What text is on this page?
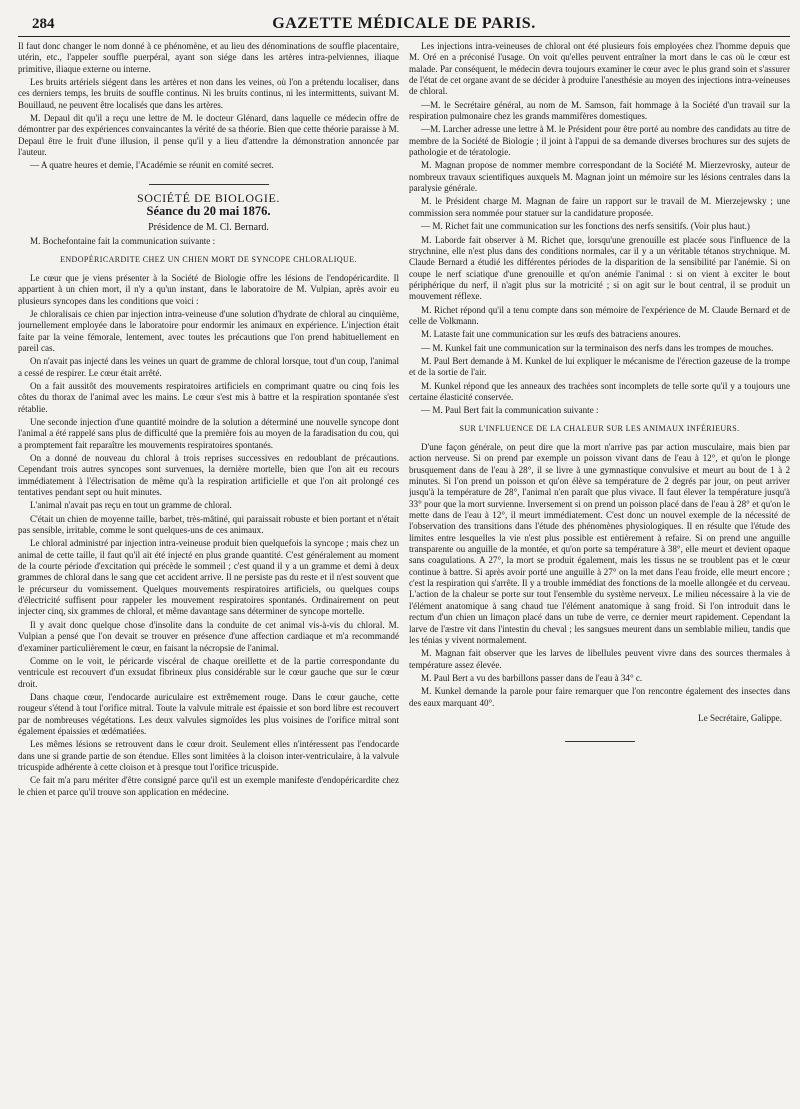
284	GAZETTE MÉDICALE DE PARIS.

Il faut donc changer le nom donné à ce phénomène, et au lieu des dénominations de souffle placentaire, utérin, etc., l'appeler souffle puerpéral, ayant son siége dans les artères intra-pelviennes, iliaque primitive, iliaque externe ou interne.

Les bruits artériels siégent dans les artères et non dans les veines, où l'on a prétendu localiser, dans ces derniers temps, les bruits de souffle continus. Ni les bruits continus, ni les intermittents, suivant M. Bouillaud, ne peuvent être localisés que dans les artères.

M. Depaul dit qu'il a reçu une lettre de M. le docteur Glénard, dans laquelle ce médecin offre de démontrer par des expériences convaincantes la vérité de sa théorie. Bien que cette théorie paraisse à M. Depaul être le fruit d'une illusion, il pense qu'il y a lieu d'attendre la démonstration annoncée par l'auteur.

— A quatre heures et demie, l'Académie se réunit en comité secret.

SOCIÉTÉ DE BIOLOGIE.
Séance du 20 mai 1876.
Présidence de M. Cl. Bernard.

M. Bochefontaine fait la communication suivante :

ENDOPÉRICARDITE CHEZ UN CHIEN MORT DE SYNCOPE CHLORALIQUE.

Le cœur que je viens présenter à la Société de Biologie offre les lésions de l'endopéricardite. Il appartient à un chien mort, il n'y a qu'un instant, dans le laboratoire de M. Vulpian, après avoir eu plusieurs syncopes dans les conditions que voici :

Je chloralisais ce chien par injection intra-veineuse d'une solution d'hydrate de chloral au cinquième, journellement employée dans le laboratoire pour endormir les animaux en expérience. L'injection était faite par la veine fémorale, lentement, avec toutes les précautions que l'on prend habituellement en pareil cas.

On n'avait pas injecté dans les veines un quart de gramme de chloral lorsque, tout d'un coup, l'animal a cessé de respirer. Le cœur était arrêté.

On a fait aussitôt des mouvements respiratoires artificiels en comprimant quatre ou cinq fois les côtes du thorax de l'animal avec les mains. Le cœur s'est mis à battre et la respiration spontanée s'est rétablie.

Une seconde injection d'une quantité moindre de la solution a déterminé une nouvelle syncope dont l'animal a été rappelé sans plus de difficulté que la première fois au moyen de la faradisation du cou, qui a promptement fait reparaître les mouvements respiratoires spontanés.

On a donné de nouveau du chloral à trois reprises successives en redoublant de précautions. Cependant trois autres syncopes sont survenues, la dernière mortelle, bien que l'on ait eu recours immédiatement à l'électrisation de même qu'à la respiration artificielle et que l'on ait prolongé ces tentatives pendant sept ou huit minutes.

L'animal n'avait pas reçu en tout un gramme de chloral.

C'était un chien de moyenne taille, barbet, très-mâtiné, qui paraissait robuste et bien portant et n'était pas sensible, irritable, comme le sont quelques-uns de ces animaux.

Le chloral administré par injection intra-veineuse produit bien quelquefois la syncope ; mais chez un animal de cette taille, il faut qu'il ait été injecté en plus grande quantité. C'est généralement au moment de la courte période d'excitation qui précède le sommeil ; c'est quand il y a un gramme et demi à deux grammes de chloral dans le sang que cet accident arrive. Il ne persiste pas du reste et il n'est souvent que le précurseur du vomissement. Quelques mouvements respiratoires artificiels, ou quelques coups d'électricité suffisent pour rappeler les mouvement respiratoires spontanés. Ordinairement on peut injecter cinq, six grammes de chloral, et même davantage sans déterminer de syncope mortelle.

Il y avait donc quelque chose d'insolite dans la conduite de cet animal vis-à-vis du chloral. M. Vulpian a pensé que l'on devait se trouver en présence d'une affection cardiaque et m'a recommandé d'examiner particulièrement le cœur, en faisant la nécropsie de l'animal.

Comme on le voit, le péricarde viscéral de chaque oreillette et de la partie correspondante du ventricule est recouvert d'un exsudat fibrineux plus considérable sur le cœur gauche que sur le cœur droit.

Dans chaque cœur, l'endocarde auriculaire est extrêmement rouge. Dans le cœur gauche, cette rougeur s'étend à tout l'orifice mitral. Toute la valvule mitrale est épaissie et son bord libre est recouvert par de nombreuses végétations. Les deux valvules sigmoïdes les plus voisines de l'orifice mitral sont également épaissies et œdématiées.

Les mêmes lésions se retrouvent dans le cœur droit. Seulement elles n'intéressent pas l'endocarde dans une si grande partie de son étendue. Elles sont limitées à la cloison inter-ventriculaire, à la valvule tricuspide adhérente à cette cloison et à presque tout l'orifice tricuspide.

Ce fait m'a paru mériter d'être consigné parce qu'il est un exemple manifeste d'endopéricardite chez le chien et parce qu'il trouve son application en médecine.

Les injections intra-veineuses de chloral ont été plusieurs fois employées chez l'homme depuis que M. Oré en a préconisé l'usage. On voit qu'elles peuvent entraîner la mort dans le cas où le cœur est malade. Par conséquent, le médecin devra toujours examiner le cœur avec le plus grand soin et s'assurer de l'état de cet organe avant de se décider à produire l'anesthésie au moyen des injections intra-veineuses de chloral.

—M. le Secrétaire général, au nom de M. Samson, fait hommage à la Société d'un travail sur la respiration pulmonaire chez les grands mammifères domestiques.

—M. Larcher adresse une lettre à M. le Président pour être porté au nombre des candidats au titre de membre de la Société de Biologie ; il joint à l'appui de sa demande diverses brochures sur des sujets de pathologie et de tératologie.

M. Magnan propose de nommer membre correspondant de la Société M. Mierzevrosky, auteur de nombreux travaux scientifiques auxquels M. Magnan joint un mémoire sur les lésions centrales dans la paralysie générale.

M. le Président charge M. Magnan de faire un rapport sur le travail de M. Mierzejewsky ; une commission sera nommée pour statuer sur la candidature proposée.

— M. Richet fait une communication sur les fonctions des nerfs sensitifs. (Voir plus haut.)

M. Laborde fait observer à M. Richet que, lorsqu'une grenouille est placée sous l'influence de la strychnine, elle n'est plus dans des conditions normales, car il y a un véritable tétanos strychnique. M. Claude Bernard a étudié les différentes périodes de la disparition de la sensibilité par l'anémie. Si on coupe le nerf sciatique d'une grenouille et qu'on anémie l'animal : si on vient à exciter le bout périphérique du nerf, il n'agit plus sur la motricité ; si on agit sur le bout central, il se produit un mouvement réflexe.

M. Richet répond qu'il a tenu compte dans son mémoire de l'expérience de M. Claude Bernard et de celle de Volkmann.

M. Lataste fait une communication sur les œufs des batraciens anoures.

— M. Kunkel fait une communication sur la terminaison des nerfs dans les trompes de mouches.

M. Paul Bert demande à M. Kunkel de lui expliquer le mécanisme de l'érection gazeuse de la trompe et de la sortie de l'air.

M. Kunkel répond que les anneaux des trachées sont incomplets de telle sorte qu'il y a toujours une certaine élasticité conservée.

— M. Paul Bert fait la communication suivante :

SUR L'INFLUENCE DE LA CHALEUR SUR LES ANIMAUX INFÉRIEURS.

D'une façon générale, on peut dire que la mort n'arrive pas par action musculaire, mais bien par action nerveuse. Si on prend par exemple un poisson vivant dans de l'eau à 12°, et qu'on le plonge brusquement dans de l'eau à 28°, il se livre à une gymnastique convulsive et meurt au bout de 1 à 2 minutes. Si l'on prend un poisson et qu'on élève sa température de 2 degrés par jour, on peut arriver jusqu'à la température de 28°, l'animal n'en paraît que plus vivace. Il faut élever la température jusqu'à 33° pour que la mort survienne. Inversement si on prend un poisson placé dans de l'eau à 28° et qu'on le mette dans de l'eau à 12°, il meurt immédiatement. C'est donc un nouvel exemple de la nécessité de l'observation des transitions dans l'étude des phénomènes physiologiques. Il en résulte que l'étude des limites entre lesquelles la vie n'est plus possible est entièrement à refaire. Si on prend une anguille transparente ou anguille de la montée, et qu'on porte sa température à 38°, elle meurt et devient opaque sans coagulations. A 27°, la mort se produit également, mais les tissus ne se troublent pas et le cœur continue à battre. Si après avoir porté une anguille à 27° on la met dans l'eau froide, elle meurt encore ; c'est la respiration qui s'arrête. Il y a trouble immédiat des fonctions de la moelle allongée et du cerveau. L'action de la chaleur se porte sur tout l'ensemble du système nerveux. Le milieu nécessaire à la vie de l'élément anatomique à sang chaud tue l'élément anatomique à sang froid. Si l'on introduit dans le rectum d'un chien un limaçon placé dans un tube de verre, ce dernier meurt rapidement. Cependant la larve de l'æstre vit dans l'intestin du cheval ; les sangsues meurent dans un semblable milieu, tandis que les ténias y vivent normalement.

M. Magnan fait observer que les larves de libellules peuvent vivre dans des sources thermales à température assez élevée.

M. Paul Bert a vu des barbillons passer dans de l'eau à 34° c.

M. Kunkel demande la parole pour faire remarquer que l'on rencontre également des insectes dans des eaux marquant 40°.

Le Secrétaire, Galippe.
